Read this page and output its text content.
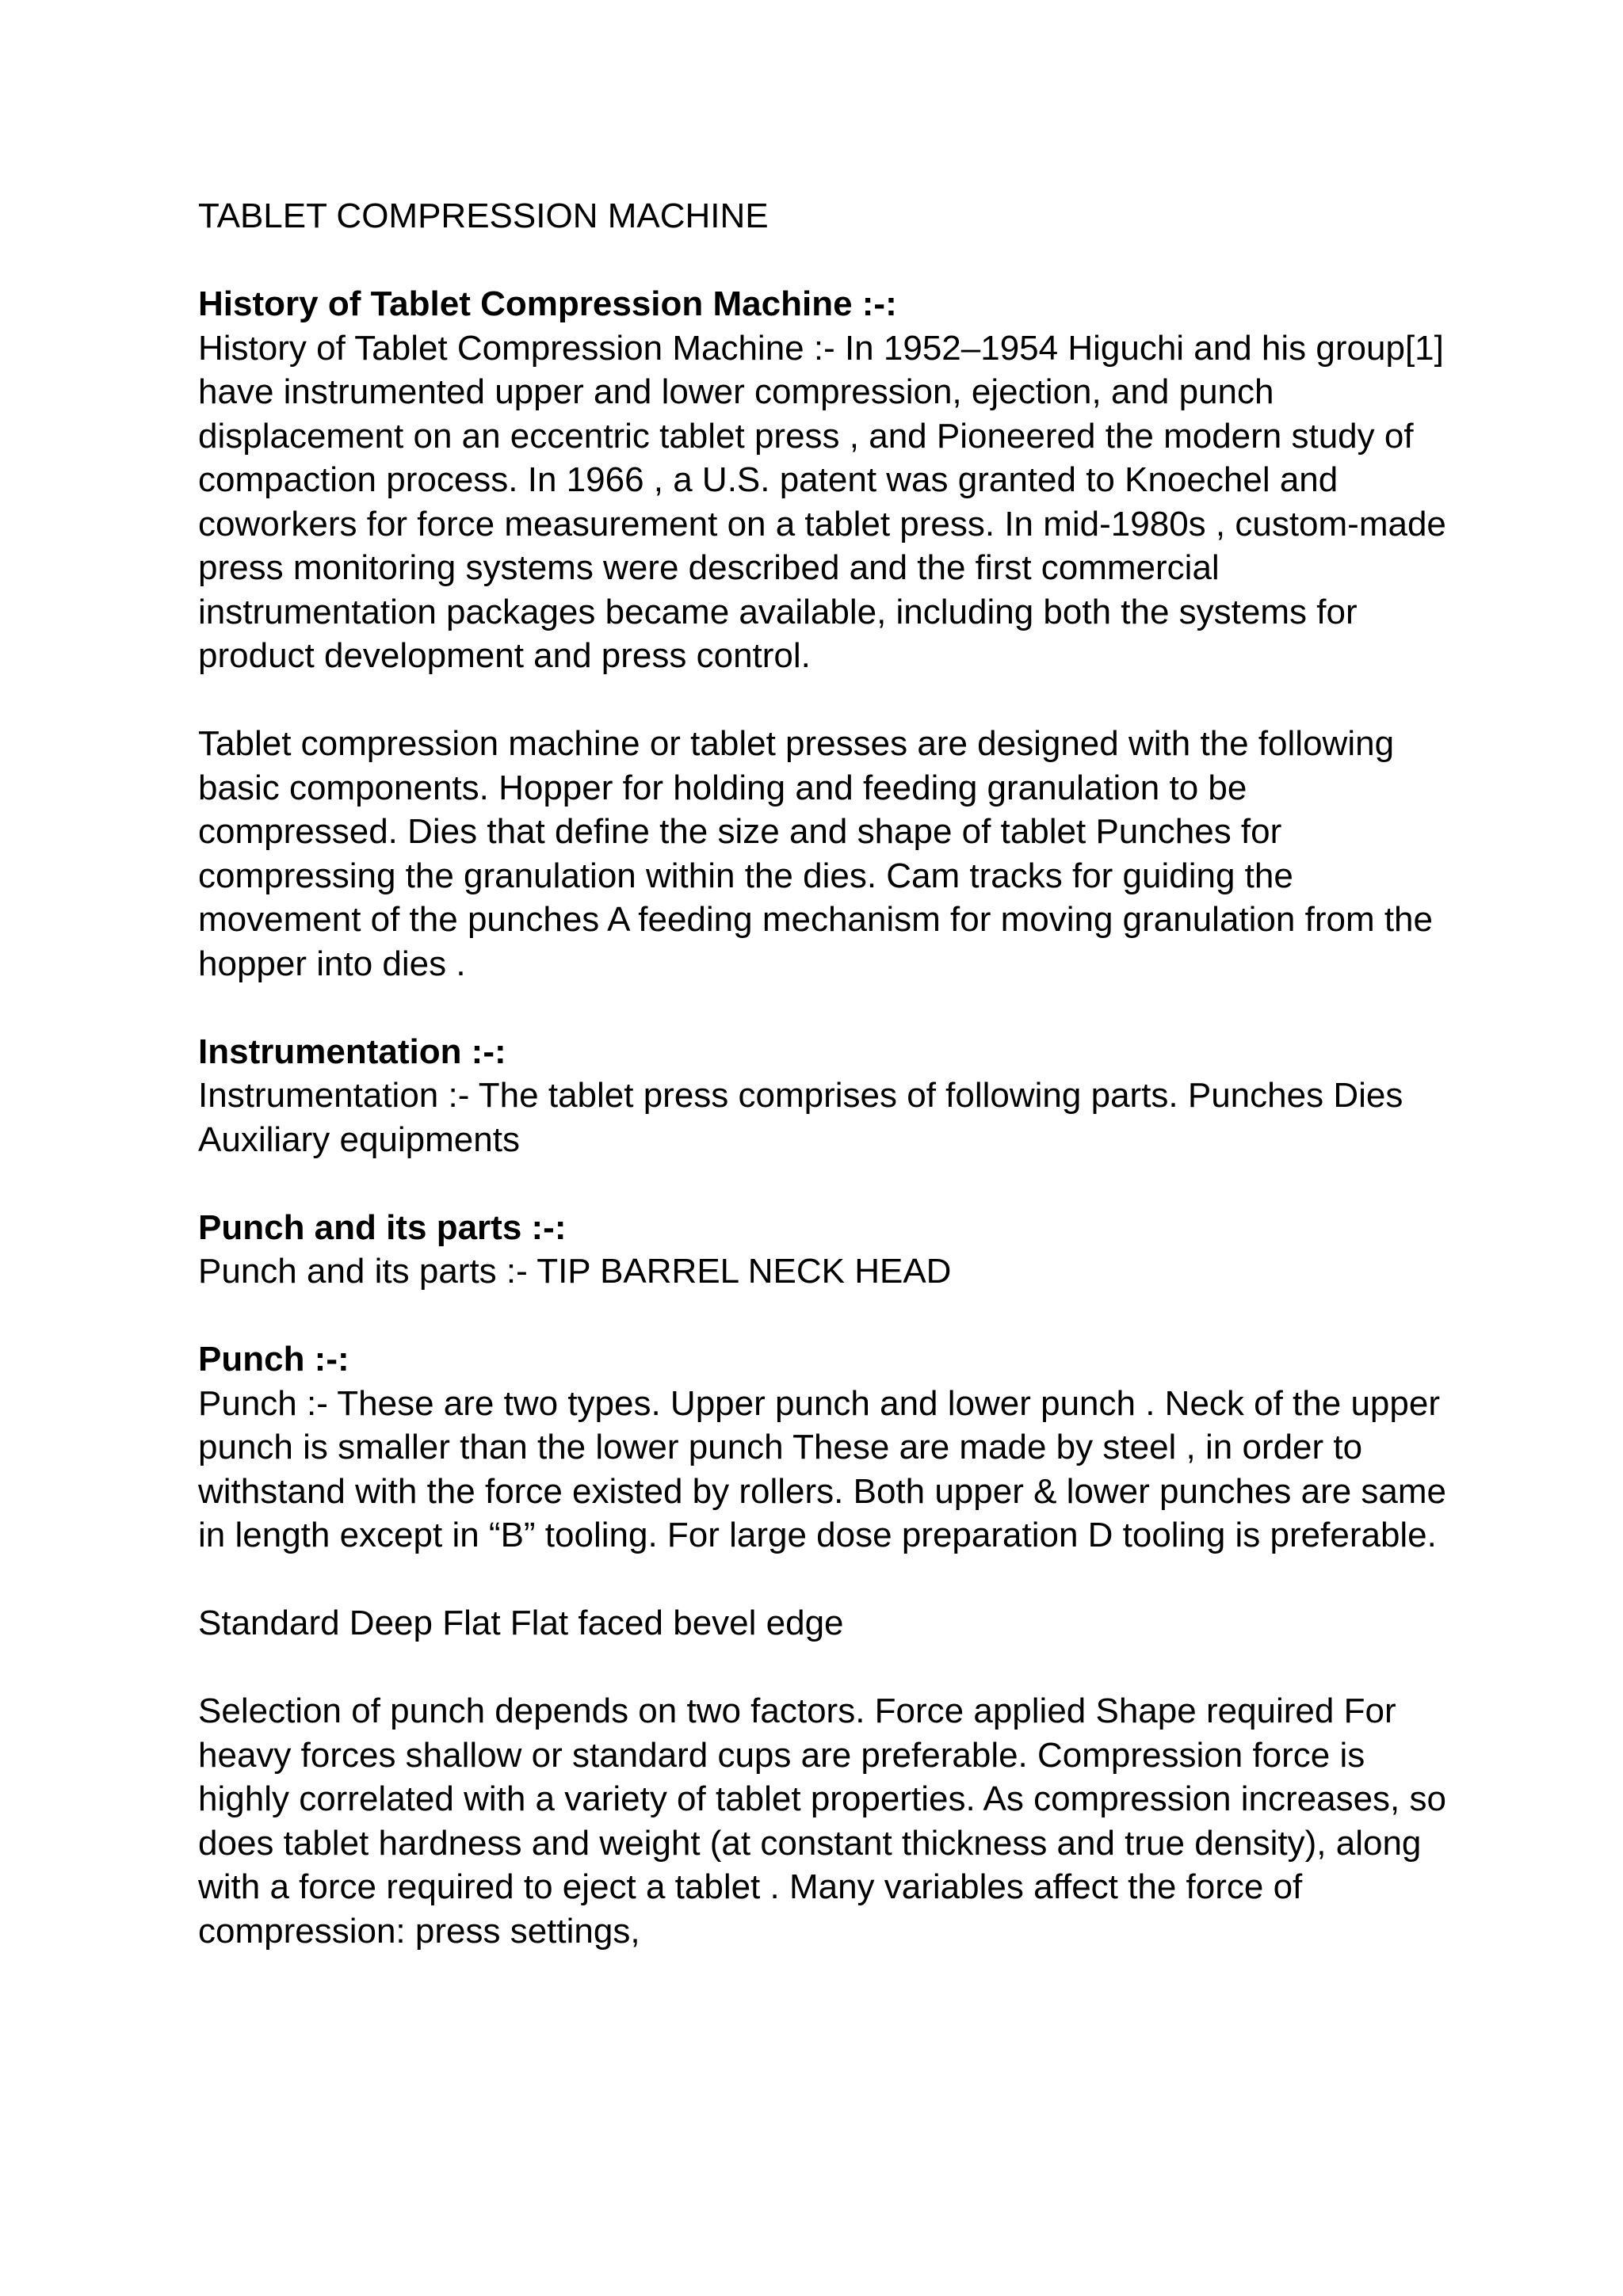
TABLET COMPRESSION MACHINE

History of Tablet Compression Machine :-:

History of Tablet Compression Machine :- In 1952–1954 Higuchi and his group[1] have instrumented upper and lower compression, ejection, and punch displacement on an eccentric tablet press , and Pioneered the modern study of compaction process. In 1966 , a U.S. patent was granted to Knoechel and coworkers for force measurement on a tablet press. In mid-1980s , custom-made press monitoring systems were described and the first commercial instrumentation packages became available, including both the systems for product development and press control.

Tablet compression machine or tablet presses are designed with the following basic components. Hopper for holding and feeding granulation to be compressed. Dies that define the size and shape of tablet Punches for compressing the granulation within the dies. Cam tracks for guiding the movement of the punches A feeding mechanism for moving granulation from the hopper into dies .

Instrumentation :-:

Instrumentation :- The tablet press comprises of following parts. Punches Dies Auxiliary equipments

Punch and its parts :-:

Punch and its parts :- TIP BARREL NECK HEAD

Punch :-:

Punch :- These are two types. Upper punch and lower punch . Neck of the upper punch is smaller than the lower punch These are made by steel , in order to withstand with the force existed by rollers. Both upper & lower punches are same in length except in “B” tooling. For large dose preparation D tooling is preferable.

Standard Deep Flat Flat faced bevel edge

Selection of punch depends on two factors. Force applied Shape required For heavy forces shallow or standard cups are preferable. Compression force is highly correlated with a variety of tablet properties. As compression increases, so does tablet hardness and weight (at constant thickness and true density), along with a force required to eject a tablet . Many variables affect the force of compression: press settings,
